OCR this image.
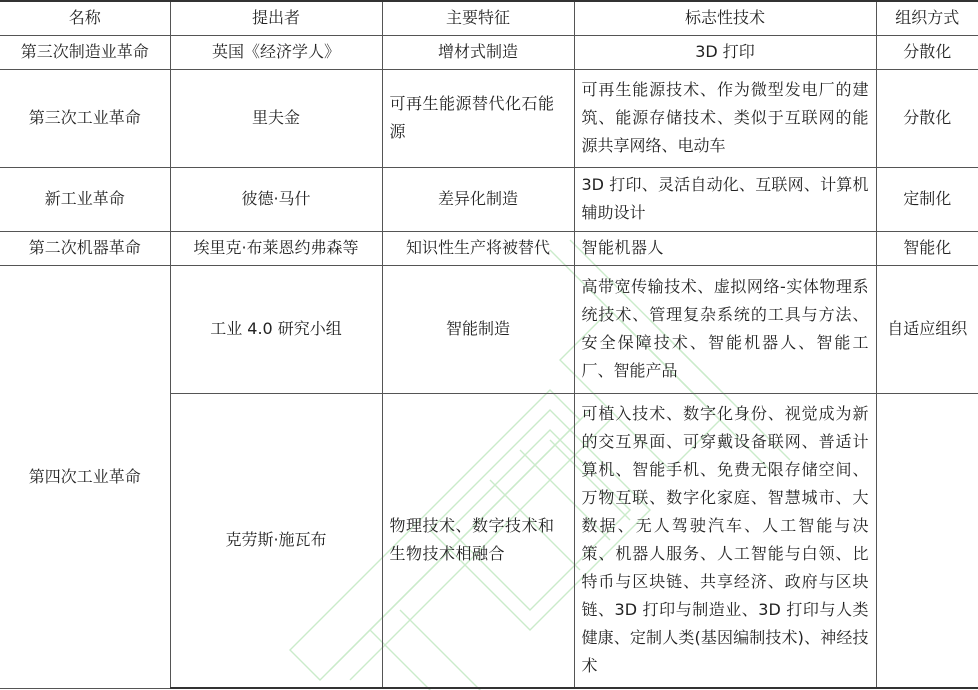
名称	提出者	主要特征	标志性技术	组织方式
第三次制造业革命	英国《经济学人》	增材式制造	3D 打印	分散化
第三次工业革命	里夫金	可再生能源替代化石能源	可再生能源技术、作为微型发电厂的建筑、能源存储技术、类似于互联网的能源共享网络、电动车	分散化
新工业革命	彼德·马什	差异化制造	3D 打印、灵活自动化、互联网、计算机辅助设计	定制化
第二次机器革命	埃里克·布莱恩约弗森等	知识性生产将被替代	智能机器人	智能化
第四次工业革命	工业 4.0 研究小组	智能制造	高带宽传输技术、虚拟网络-实体物理系统技术、管理复杂系统的工具与方法、安全保障技术、智能机器人、智能工厂、智能产品	自适应组织
	克劳斯·施瓦布	物理技术、数字技术和生物技术相融合	可植入技术、数字化身份、视觉成为新的交互界面、可穿戴设备联网、普适计算机、智能手机、免费无限存储空间、万物互联、数字化家庭、智慧城市、大数据、无人驾驶汽车、人工智能与决策、机器人服务、人工智能与白领、比特币与区块链、共享经济、政府与区块链、3D 打印与制造业、3D 打印与人类健康、定制人类(基因编制技术)、神经技术	
